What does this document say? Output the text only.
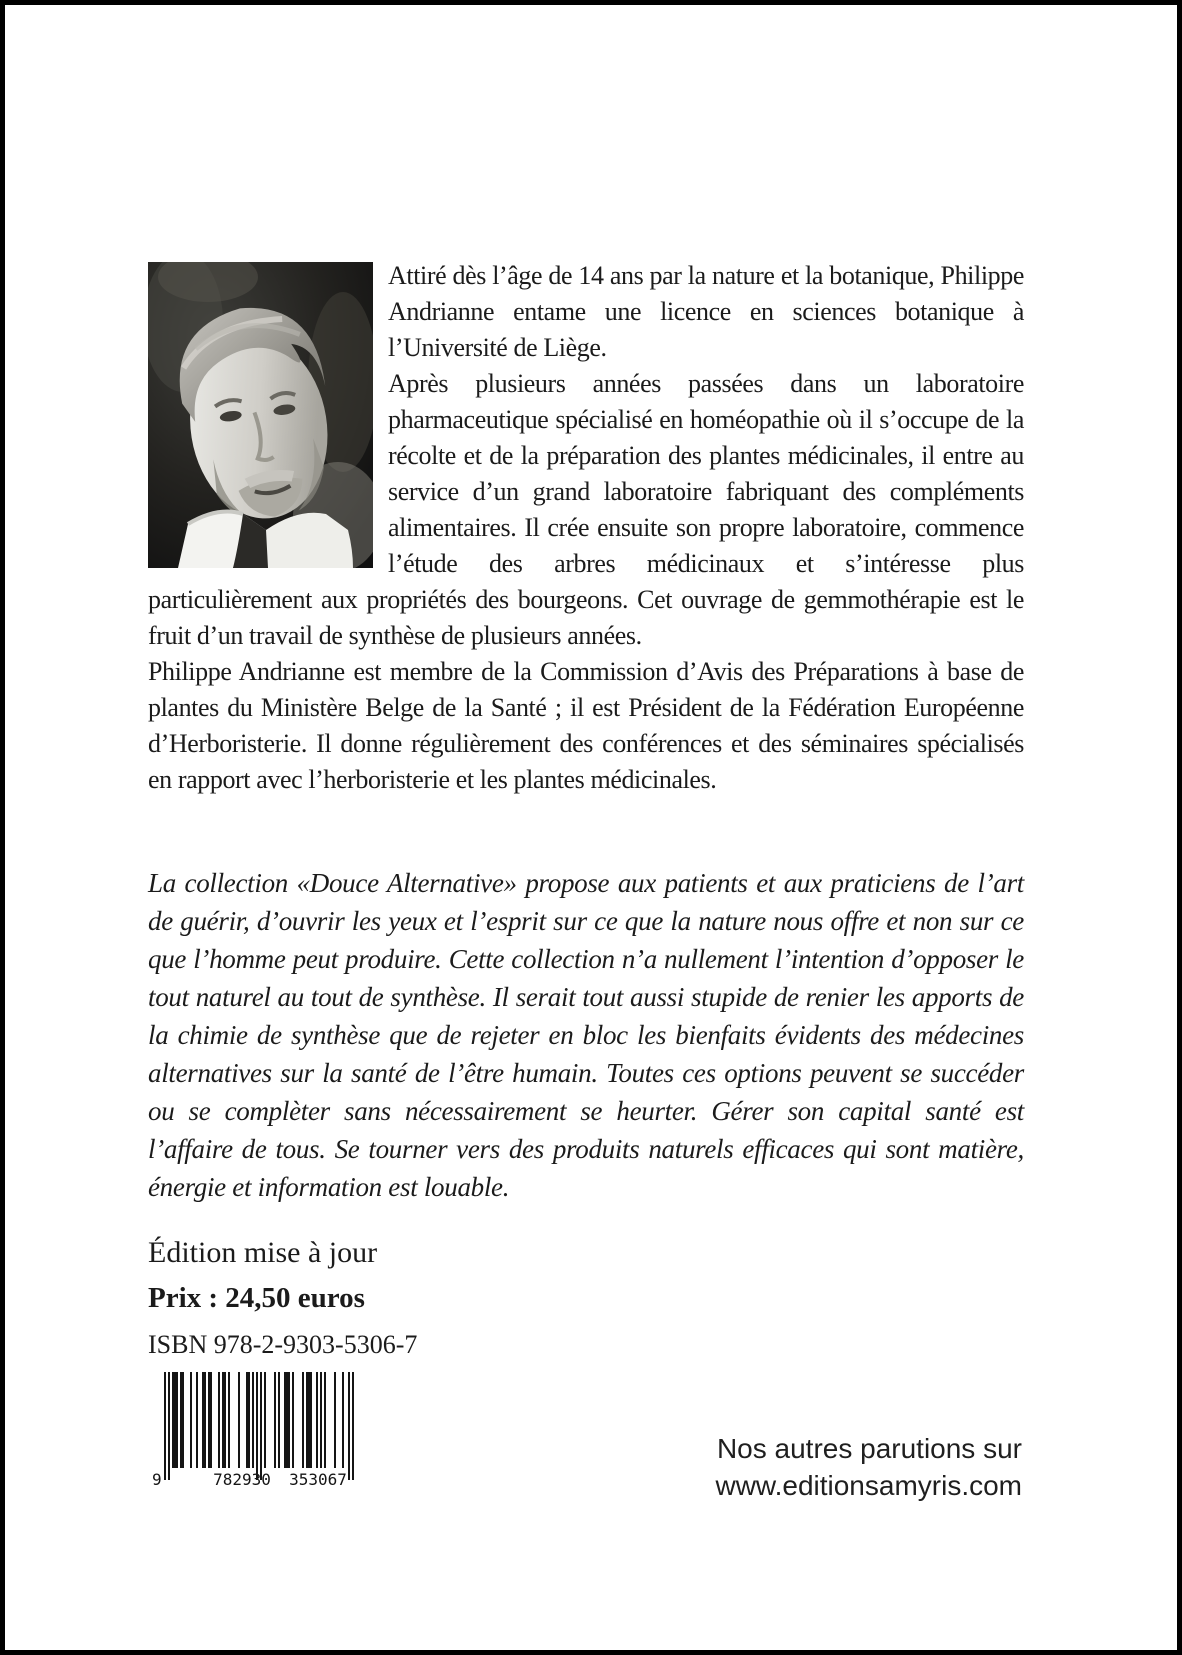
Attiré dès l’âge de 14 ans par la nature et la botanique, Philippe Andrianne entame une licence en sciences botanique à l’Université de Liège.

Après plusieurs années passées dans un laboratoire pharmaceutique spécialisé en homéopathie où il s’occupe de la récolte et de la préparation des plantes médicinales, il entre au service d’un grand laboratoire fabriquant des compléments alimentaires. Il crée ensuite son propre laboratoire, commence l’étude des arbres médicinaux et s’intéresse plus particulièrement aux propriétés des bourgeons. Cet ouvrage de gemmothérapie est le fruit d’un travail de synthèse de plusieurs années.

Philippe Andrianne est membre de la Commission d’Avis des Préparations à base de plantes du Ministère Belge de la Santé ; il est Président de la Fédération Européenne d’Herboristerie. Il donne régulièrement des conférences et des séminaires spécialisés en rapport avec l’herboristerie et les plantes médicinales.

La collection «Douce Alternative» propose aux patients et aux praticiens de l’art de guérir, d’ouvrir les yeux et l’esprit sur ce que la nature nous offre et non sur ce que l’homme peut produire. Cette collection n’a nullement l’intention d’opposer le tout naturel au tout de synthèse. Il serait tout aussi stupide de renier les apports de la chimie de synthèse que de rejeter en bloc les bienfaits évidents des médecines alternatives sur la santé de l’être humain. Toutes ces options peuvent se succéder ou se complèter sans nécessairement se heurter. Gérer son capital santé est l’affaire de tous. Se tourner vers des produits naturels efficaces qui sont matière, énergie et information est louable.

Édition mise à jour

Prix : 24,50 euros

ISBN 978-2-9303-5306-7

9	782930 353067

Nos autres parutions sur
www.editionsamyris.com
